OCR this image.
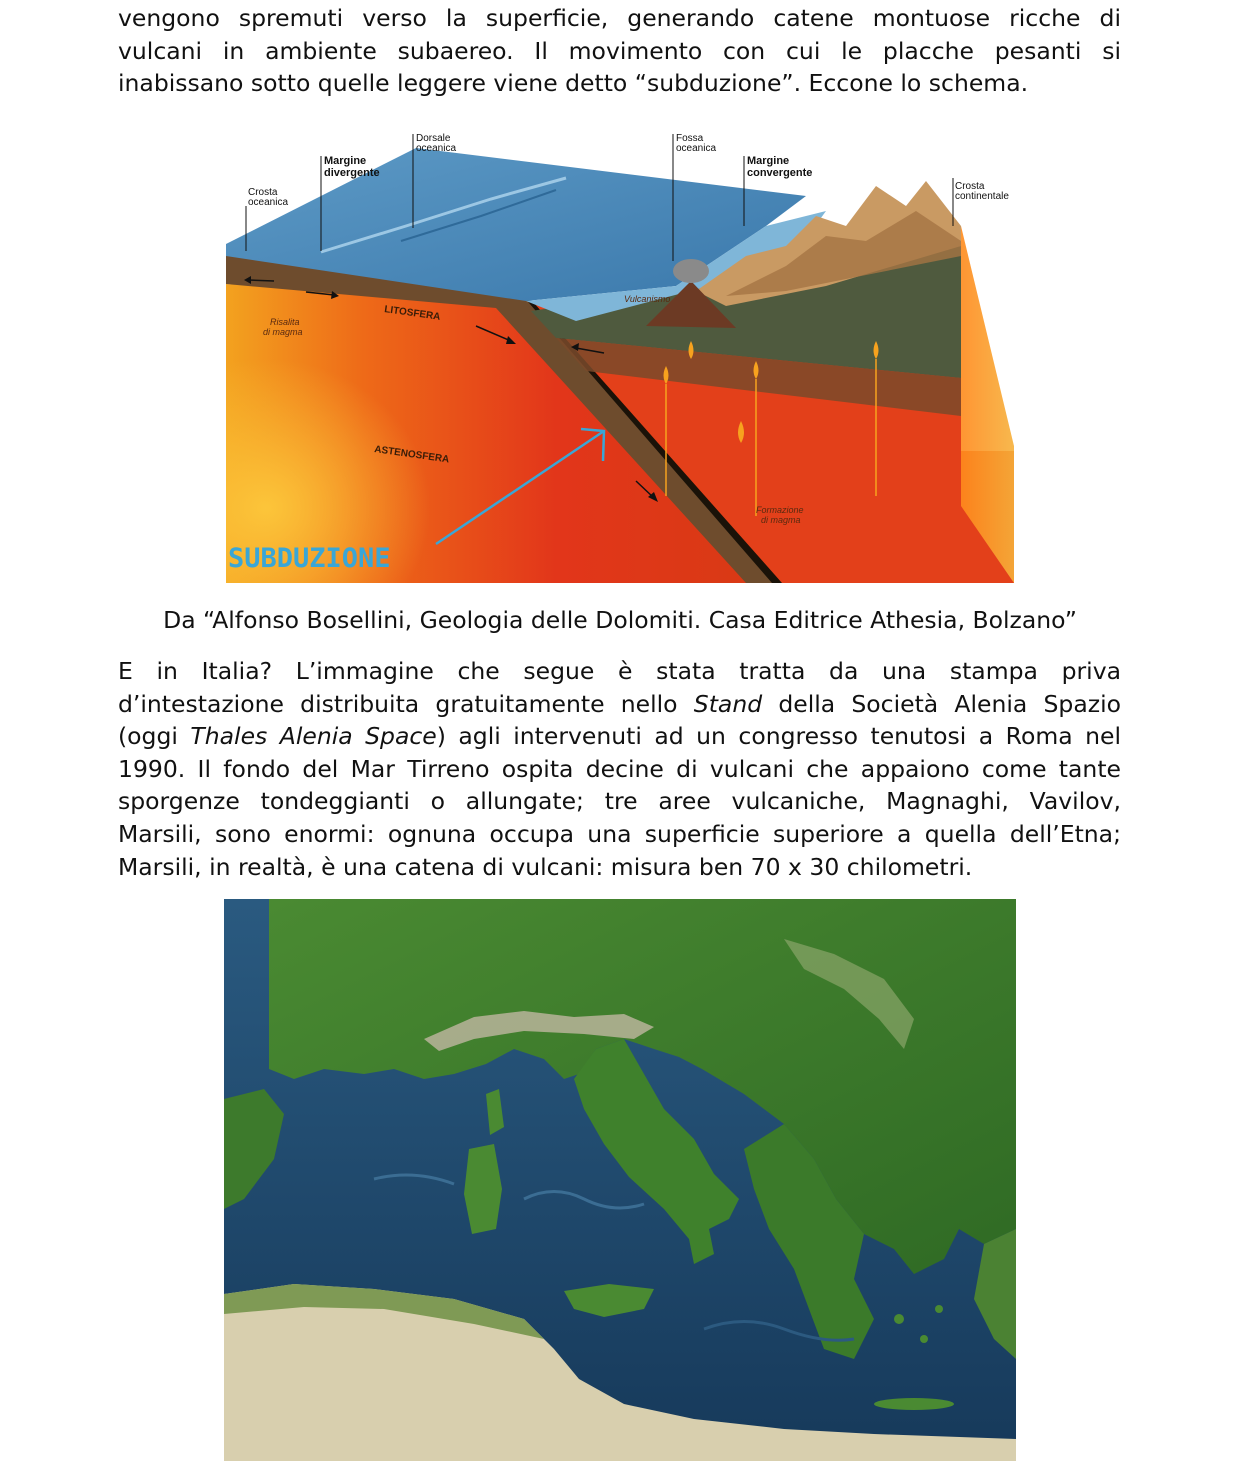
vengono spremuti verso la superficie, generando catene montuose ricche di
vulcani in ambiente subaereo. Il movimento con cui le placche pesanti si
inabissano sotto quelle leggere viene detto “subduzione”. Eccone lo schema.

Crosta
oceanica
Margine
divergente
Dorsale
oceanica
Fossa
oceanica
Margine
convergente
Crosta
continentale
Vulcanismo
LITOSFERA
Risalita
di magma
ASTENOSFERA
Formazione
di magma
SUBDUZIONE

Da “Alfonso Bosellini, Geologia delle Dolomiti. Casa Editrice Athesia, Bolzano”

E in Italia? L’immagine che segue è stata tratta da una stampa priva
d’intestazione distribuita gratuitamente nello Stand della Società Alenia Spazio
(oggi Thales Alenia Space) agli intervenuti ad un congresso tenutosi a Roma nel
1990. Il fondo del Mar Tirreno ospita decine di vulcani che appaiono come tante
sporgenze tondeggianti o allungate; tre aree vulcaniche, Magnaghi, Vavilov,
Marsili, sono enormi: ognuna occupa una superficie superiore a quella dell’Etna;
Marsili, in realtà, è una catena di vulcani: misura ben 70 x 30 chilometri.
